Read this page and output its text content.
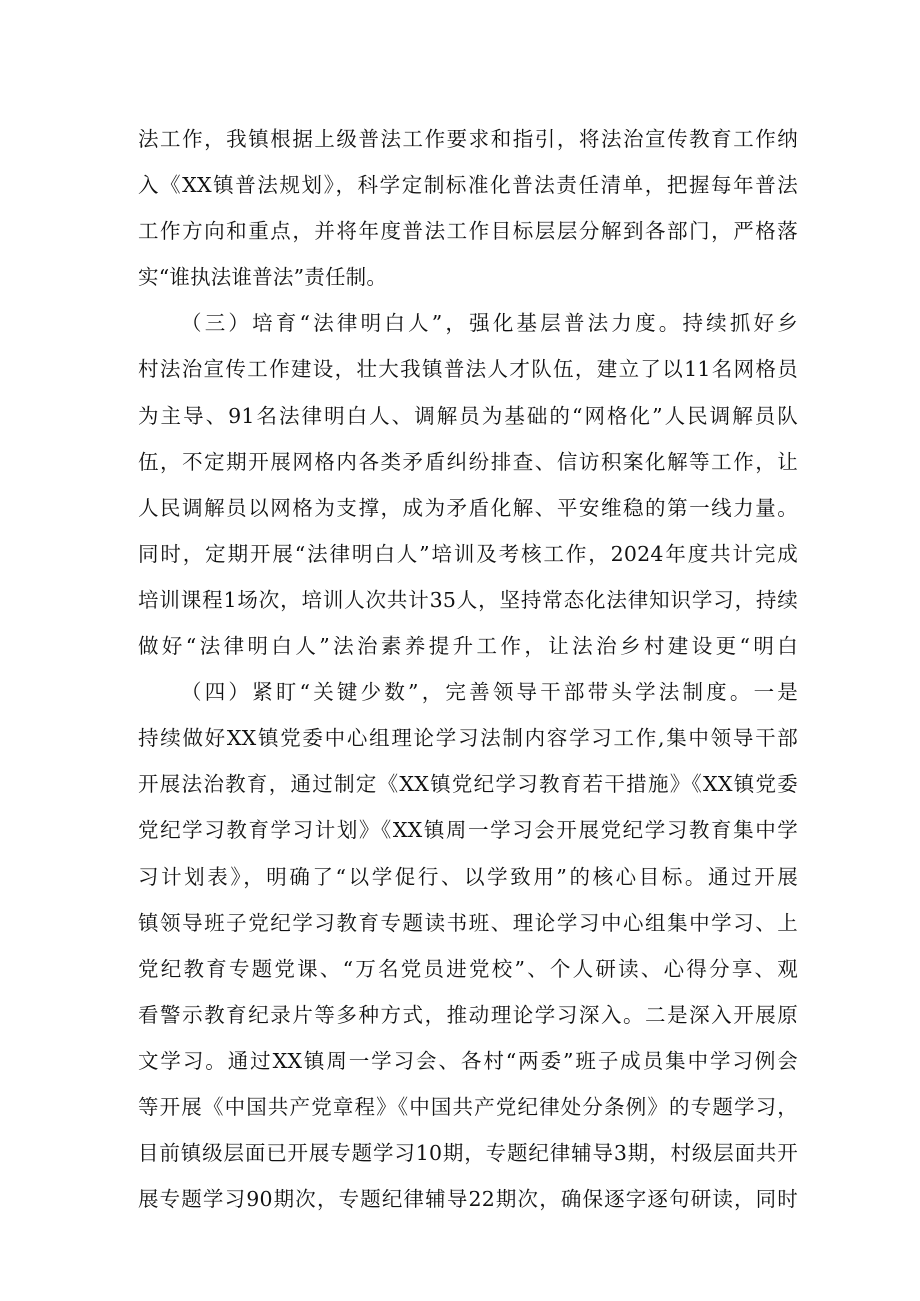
法工作，我镇根据上级普法工作要求和指引，将法治宣传教育工作纳
入《XX镇普法规划》，科学定制标准化普法责任清单，把握每年普法
工作方向和重点，并将年度普法工作目标层层分解到各部门，严格落
实“谁执法谁普法”责任制。
（三）培育“法律明白人”，强化基层普法力度。持续抓好乡
村法治宣传工作建设，壮大我镇普法人才队伍，建立了以11名网格员
为主导、91名法律明白人、调解员为基础的“网格化”人民调解员队
伍，不定期开展网格内各类矛盾纠纷排查、信访积案化解等工作，让
人民调解员以网格为支撑，成为矛盾化解、平安维稳的第一线力量。
同时，定期开展“法律明白人”培训及考核工作，2024年度共计完成
培训课程1场次，培训人次共计35人，坚持常态化法律知识学习，持续
做好“法律明白人”法治素养提升工作，让法治乡村建设更“明白
（四）紧盯“关键少数”，完善领导干部带头学法制度。一是
持续做好XX镇党委中心组理论学习法制内容学习工作,集中领导干部
开展法治教育，通过制定《XX镇党纪学习教育若干措施》《XX镇党委
党纪学习教育学习计划》《XX镇周一学习会开展党纪学习教育集中学
习计划表》，明确了“以学促行、以学致用”的核心目标。通过开展
镇领导班子党纪学习教育专题读书班、理论学习中心组集中学习、上
党纪教育专题党课、“万名党员进党校”、个人研读、心得分享、观
看警示教育纪录片等多种方式，推动理论学习深入。二是深入开展原
文学习。通过XX镇周一学习会、各村“两委”班子成员集中学习例会
等开展《中国共产党章程》《中国共产党纪律处分条例》的专题学习，
目前镇级层面已开展专题学习10期，专题纪律辅导3期，村级层面共开
展专题学习90期次，专题纪律辅导22期次，确保逐字逐句研读，同时
